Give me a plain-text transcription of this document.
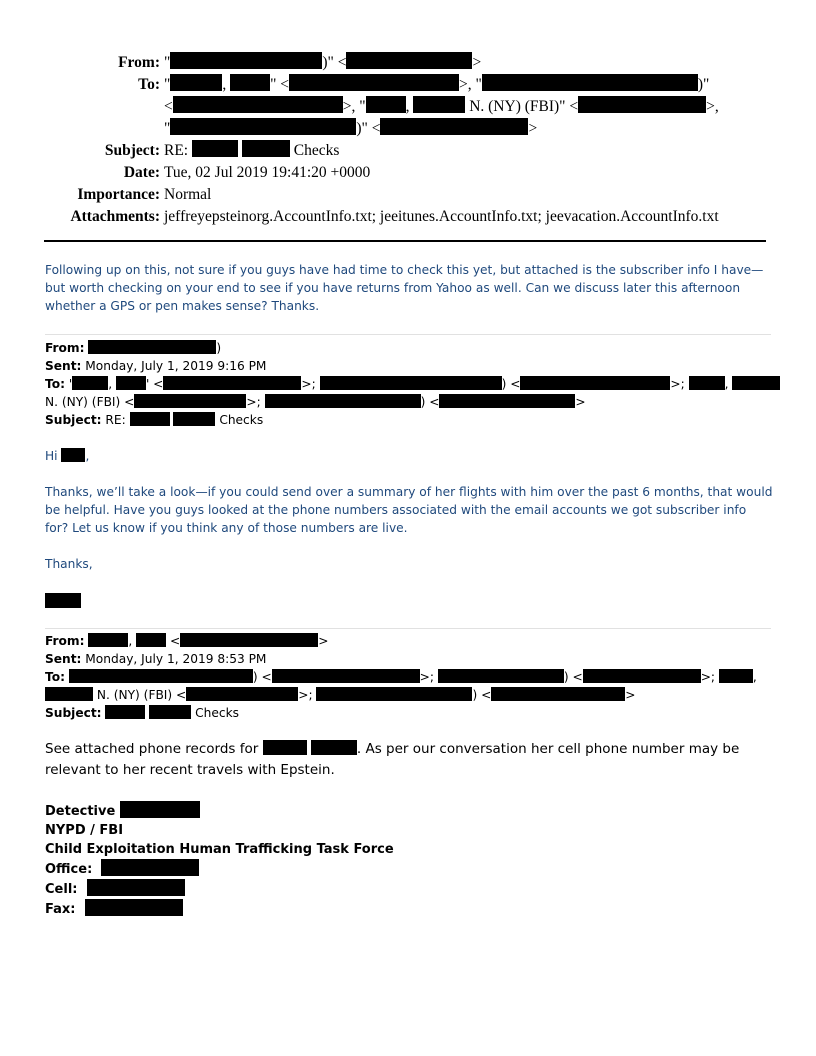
From: "	)" <	>
To: "	,	" <	>, "	)"
<	>, "	,	N. (NY) (FBI)" <	>,
"	)" <	>
Subject: RE:	Checks
Date: Tue, 02 Jul 2019 19:41:20 +0000
Importance: Normal
Attachments: jeffreyepsteinorg.AccountInfo.txt; jeeitunes.AccountInfo.txt; jeevacation.AccountInfo.txt

Following up on this, not sure if you guys have had time to check this yet, but attached is the subscriber info I have—but worth checking on your end to see if you have returns from Yahoo as well. Can we discuss later this afternoon whether a GPS or pen makes sense? Thanks.

From:	)
Sent: Monday, July 1, 2019 9:16 PM
To: '	, ' <	>;	) <	>;	,
N. (NY) (FBI) <	>;	) <	>
Subject: RE:	Checks

Hi ,

Thanks, we’ll take a look—if you could send over a summary of her flights with him over the past 6 months, that would be helpful. Have you guys looked at the phone numbers associated with the email accounts we got subscriber info for? Let us know if you think any of those numbers are live.

Thanks,

From:	,  <	>
Sent: Monday, July 1, 2019 8:53 PM
To:	) <	>;	) <	>;	,
N. (NY) (FBI) <	>;	) <	>
Subject:	Checks

See attached phone records for	. As per our conversation her cell phone number may be relevant to her recent travels with Epstein.

Detective
NYPD / FBI
Child Exploitation Human Trafficking Task Force
Office:
Cell:
Fax:
